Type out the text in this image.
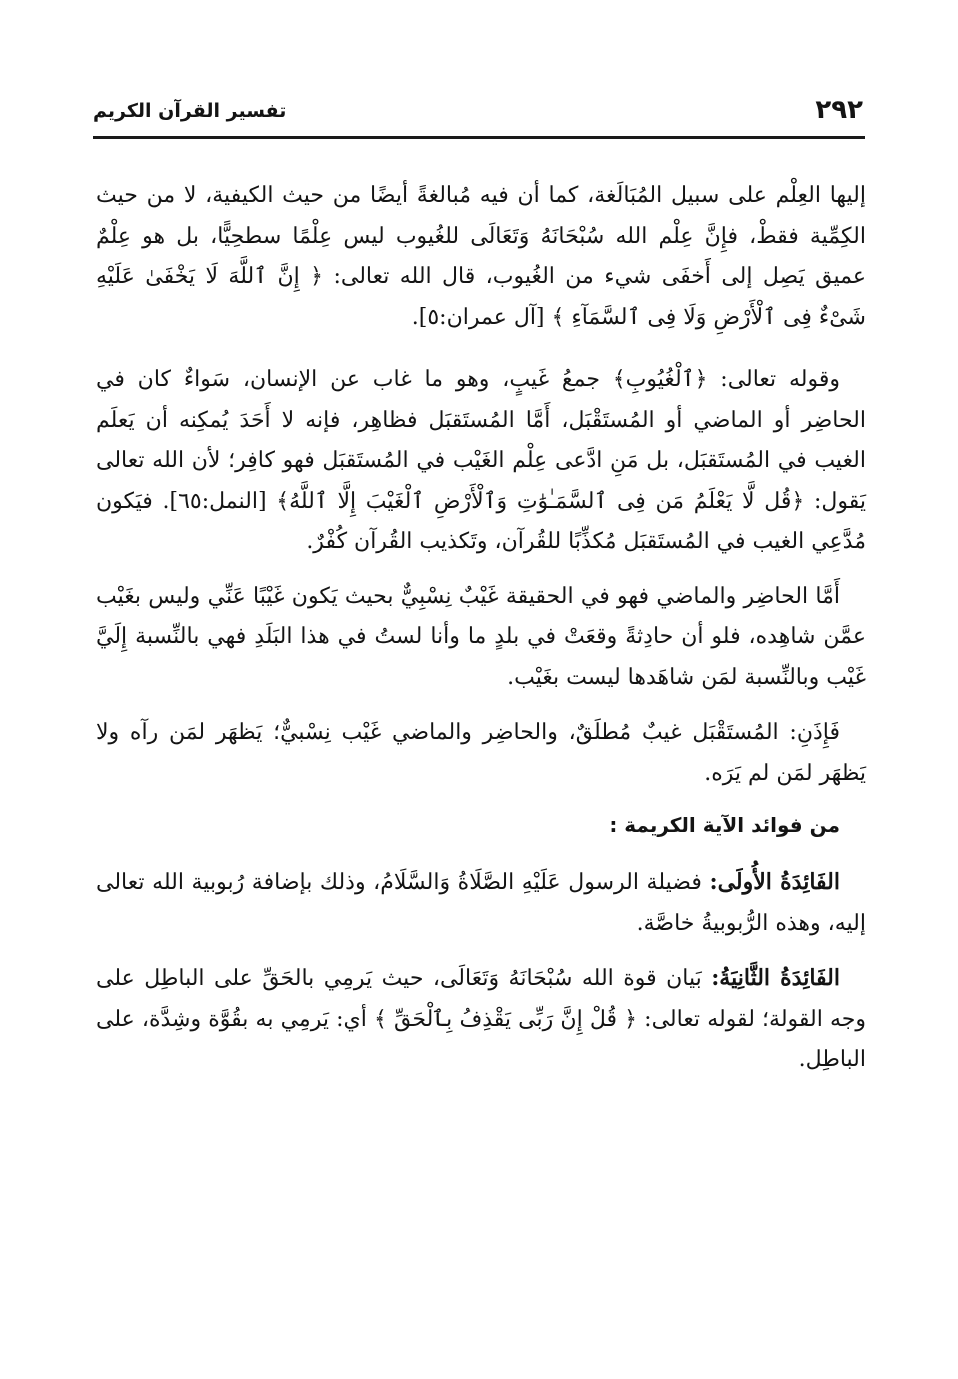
٢٩٢
تفسير القرآن الكريم

إليها العِلْم على سبيل المُبَالَغة، كما أن فيه مُبالغةً أيضًا من حيث الكيفية، لا من حيث الكِمِّية فقطْ، فإِنَّ عِلْم الله سُبْحَانَهُ وَتَعَالَى للغُيوب ليس عِلْمًا سطحِيًّا، بل هو عِلْمٌ عميق يَصِل إلى أَخفَى شيء من الغُيوب، قال الله تعالى: ﴿ إِنَّ ٱللَّهَ لَا يَخْفَىٰ عَلَيْهِ شَىْءٌ فِى ٱلْأَرْضِ وَلَا فِى ٱلسَّمَآءِ ﴾ [آل عمران:٥].

وقوله تعالى: ﴿ٱلْغُيُوبِ﴾ جمعُ غَيبٍ، وهو ما غاب عن الإنسان، سَواءٌ كان في الحاضِر أو الماضي أو المُستَقْبَل، أَمَّا المُستَقبَل فظاهِر، فإنه لا أَحَدَ يُمكِنه أن يَعلَم الغيب في المُستَقبَل، بل مَنِ ادَّعى عِلْم الغَيْب في المُستَقبَل فهو كافِر؛ لأن الله تعالى يَقول: ﴿قُل لَّا يَعْلَمُ مَن فِى ٱلسَّمَـٰوَٰتِ وَٱلْأَرْضِ ٱلْغَيْبَ إِلَّا ٱللَّهُ﴾ [النمل:٦٥]. فيَكون مُدَّعِي الغيب في المُستَقبَل مُكذِّبًا للقُرآن، وتَكذيب القُرآن كُفْرٌ.

أَمَّا الحاضِر والماضي فهو في الحقيقة غَيْبٌ نِسْبِيٌّ بحيث يَكون غَيْبًا عَنِّي وليس بغَيْب عمَّن شاهِده، فلو أن حادِثةً وقعَتْ في بلدٍ ما وأنا لستُ في هذا البَلَدِ فهي بالنِّسبة إِلَيَّ غَيْب وبالنِّسبة لمَن شاهَدها ليست بغَيْب.

فَإِذَنِ: المُستَقْبَل غيبٌ مُطلَقٌ، والحاضِر والماضي غَيْب نِسْبيٌّ؛ يَظهَر لمَن رآه ولا يَظهَر لمَن لم يَرَه.

من فوائد الآية الكريمة :

الفَائِدَةُ الأُولَى: فضيلة الرسول عَلَيْهِ الصَّلَاةُ وَالسَّلَامُ، وذلك بإضافة رُبوبية الله تعالى إليه، وهذه الرُّبوبيةُ خاصَّة.

الفَائِدَةُ الثَّانِيَةُ: بَيان قوة الله سُبْحَانَهُ وَتَعَالَى، حيث يَرمِي بالحَقِّ على الباطِل على وجه القولة؛ لقوله تعالى: ﴿ قُلْ إِنَّ رَبِّى يَقْذِفُ بِٱلْحَقِّ ﴾ أي: يَرمِي به بقُوَّة وشِدَّة، على الباطِل.
